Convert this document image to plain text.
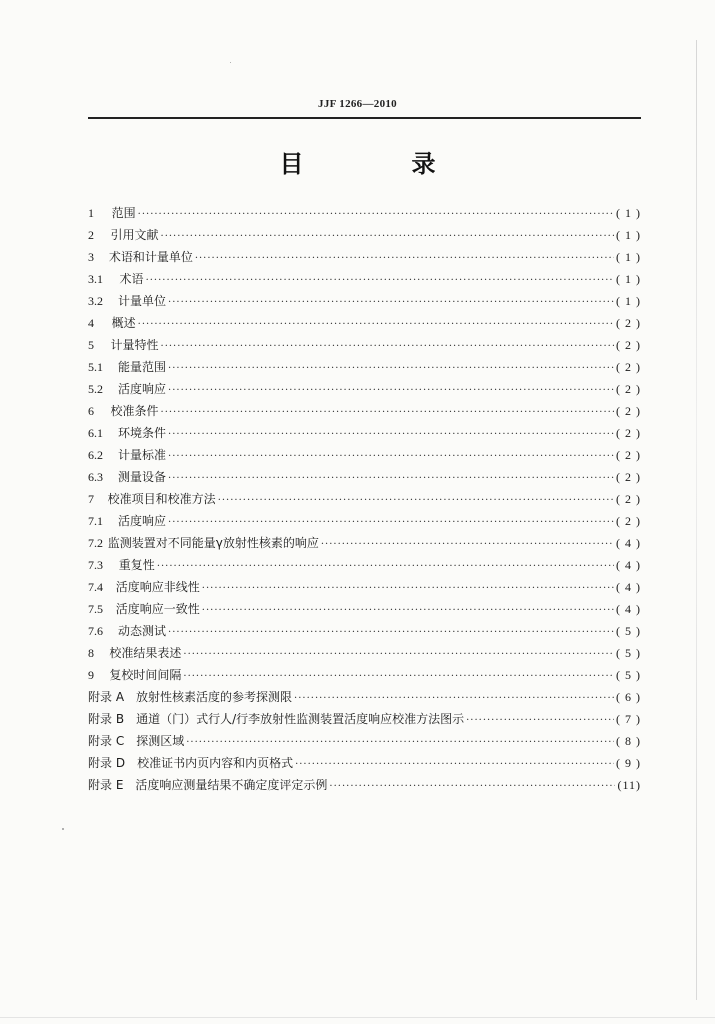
JJF 1266—2010
目　录
1	范围 ·····	( 1 )
2	引用文献 ·····	( 1 )
3	术语和计量单位 ·····	( 1 )
3.1	术语 ·····	( 1 )
3.2	计量单位 ·····	( 1 )
4	概述 ·····	( 2 )
5	计量特性 ·····	( 2 )
5.1	能量范围 ·····	( 2 )
5.2	活度响应 ·····	( 2 )
6	校准条件 ·····	( 2 )
6.1	环境条件 ·····	( 2 )
6.2	计量标准 ·····	( 2 )
6.3	测量设备 ·····	( 2 )
7	校准项目和校准方法 ·····	( 2 )
7.1	活度响应 ·····	( 2 )
7.2 监测装置对不同能量γ放射性核素的响应 ·····	( 4 )
7.3	重复性 ·····	( 4 )
7.4	活度响应非线性 ·····	( 4 )
7.5	活度响应一致性 ·····	( 4 )
7.6	动态测试 ·····	( 5 )
8	校准结果表述 ·····	( 5 )
9	复校时间间隔 ·····	( 5 )
附录 A	放射性核素活度的参考探测限 ·····	( 6 )
附录 B	通道（门）式行人/行李放射性监测装置活度响应校准方法图示 ·····	( 7 )
附录 C	探测区域 ·····	( 8 )
附录 D	校准证书内页内容和内页格式 ·····	( 9 )
附录 E	活度响应测量结果不确定度评定示例 ·····	(11)
